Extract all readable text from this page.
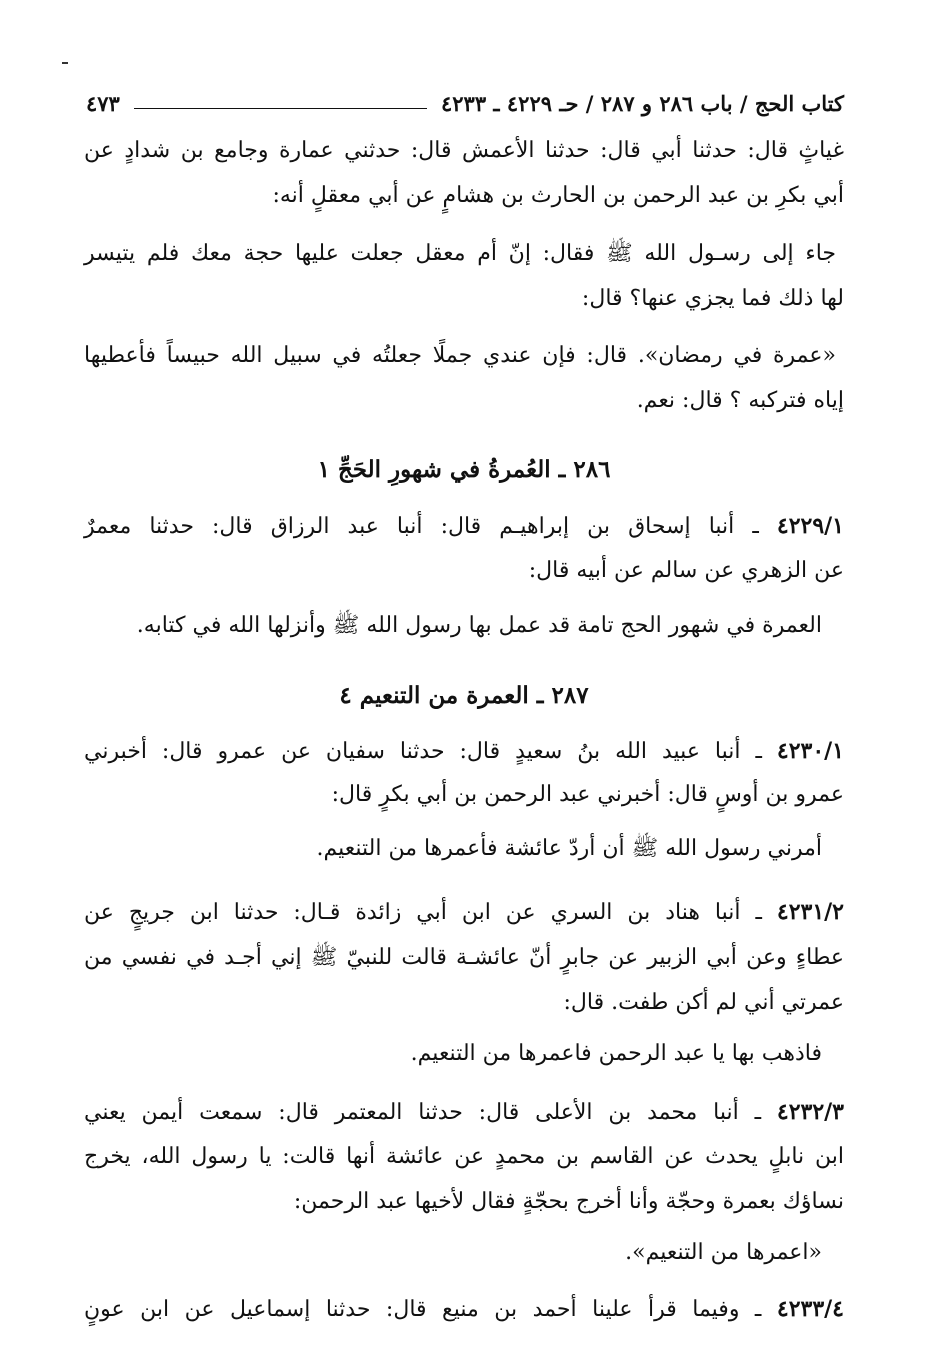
كتاب الحج / باب ٢٨٦ و ٢٨٧ / حـ ٤٢٢٩ ـ ٤٢٣٣
٤٧٣
غياثٍ قال: حدثنا أبي قال: حدثنا الأعمش قال: حدثني عمارة وجامع بن شدادٍ عن
أبي بكرِ بن عبد الرحمن بن الحارث بن هشامٍ عن أبي معقلٍ أنه:
جاء إلى رسـول الله ﷺ فقال: إنّ أم معقل جعلت عليها حجة معك فلم يتيسر
لها ذلك فما يجزي عنها؟ قال:
«عمرة في رمضان». قال: فإن عندي جملًا جعلتُه في سبيل الله حبيساً فأعطيها
إياه فتركبه ؟ قال: نعم.
٢٨٦ ـ العُمرةُ في شهورِ الحَجِّ ١
٤٢٢٩/١ ـ أنبا إسحاق بن إبراهيـم قال: أنبا عبد الرزاق قال: حدثنا معمرٌ
عن الزهري عن سالم عن أبيه قال:
العمرة في شهور الحج تامة قد عمل بها رسول الله ﷺ وأنزلها الله في كتابه.
٢٨٧ ـ العمرة من التنعيم ٤
٤٢٣٠/١ ـ أنبا عبيد الله بنُ سعيدٍ قال: حدثنا سفيان عن عمرو قال: أخبرني
عمرو بن أوسٍ قال: أخبرني عبد الرحمن بن أبي بكرٍ قال:
أمرني رسول الله ﷺ أن أردّ عائشة فأعمرها من التنعيم.
٤٢٣١/٢ ـ أنبا هناد بن السري عن ابن أبي زائدة قـال: حدثنا ابن جريجٍ عن
عطاءٍ وعن أبي الزبير عن جابرٍ أنّ عائشـة قالت للنبيّ ﷺ إني أجـد في نفسي من
عمرتي أني لم أكن طفت. قال:
فاذهب بها يا عبد الرحمن فاعمرها من التنعيم.
٤٢٣٢/٣ ـ أنبا محمد بن الأعلى قال: حدثنا المعتمر قال: سمعت أيمن يعني
ابن نابلٍ يحدث عن القاسم بن محمدٍ عن عائشة أنها قالت: يا رسول الله، يخرج
نساؤك بعمرة وحجّة وأنا أخرج بحجّةٍ فقال لأخيها عبد الرحمن:
«اعمرها من التنعيم».
٤٢٣٣/٤ ـ وفيما قرأ علينا أحمد بن منيع قال: حدثنا إسماعيل عن ابن عونٍ
